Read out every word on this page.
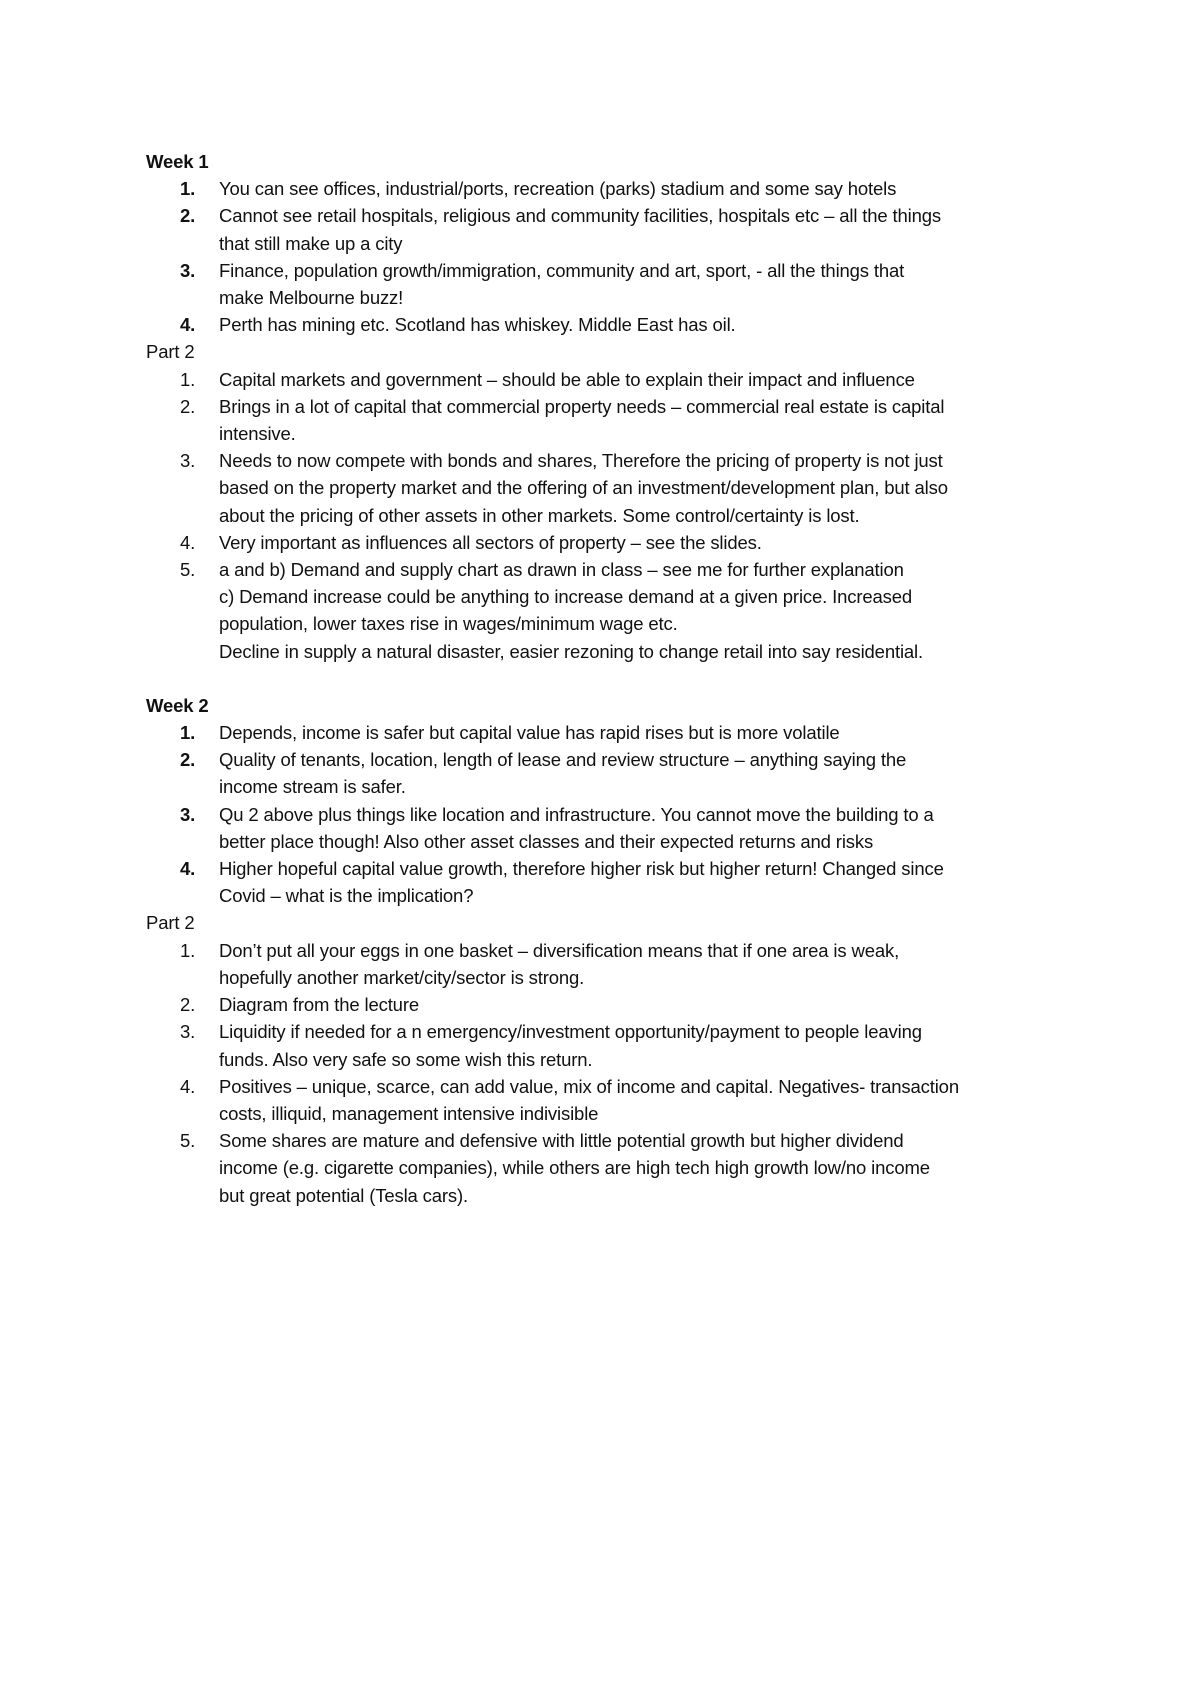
Week 1
1.	You can see offices, industrial/ports, recreation (parks) stadium and some say hotels
2.	Cannot see retail hospitals, religious and community facilities, hospitals etc – all the things
that still make up a city
3.	Finance, population growth/immigration, community and art, sport, - all the things that
make Melbourne buzz!
4.	Perth has mining etc. Scotland has whiskey. Middle East has oil.
Part 2
1.	Capital markets and government – should be able to explain their impact and influence
2.	Brings in a lot of capital that commercial property needs – commercial real estate is capital
intensive.
3.	Needs to now compete with bonds and shares, Therefore the pricing of property is not just
based on the property market and the offering of an investment/development plan, but also
about the pricing of other assets in other markets. Some control/certainty is lost.
4.	Very important as influences all sectors of property – see the slides.
5.	a and b) Demand and supply chart as drawn in class – see me for further explanation
c) Demand increase could be anything to increase demand at a given price. Increased
population, lower taxes rise in wages/minimum wage etc.
Decline in supply a natural disaster, easier rezoning to change retail into say residential.
Week 2
1.	Depends, income is safer but capital value has rapid rises but is more volatile
2.	Quality of tenants, location, length of lease and review structure – anything saying the
income stream is safer.
3.	Qu 2 above plus things like location and infrastructure. You cannot move the building to a
better place though! Also other asset classes and their expected returns and risks
4.	Higher hopeful capital value growth, therefore higher risk but higher return! Changed since
Covid – what is the implication?
Part 2
1.	Don’t put all your eggs in one basket – diversification means that if one area is weak,
hopefully another market/city/sector is strong.
2.	Diagram from the lecture
3.	Liquidity if needed for a n emergency/investment opportunity/payment to people leaving
funds. Also very safe so some wish this return.
4.	Positives – unique, scarce, can add value, mix of income and capital. Negatives- transaction
costs, illiquid, management intensive indivisible
5.	Some shares are mature and defensive with little potential growth but higher dividend
income (e.g. cigarette companies), while others are high tech high growth low/no income
but great potential (Tesla cars).
